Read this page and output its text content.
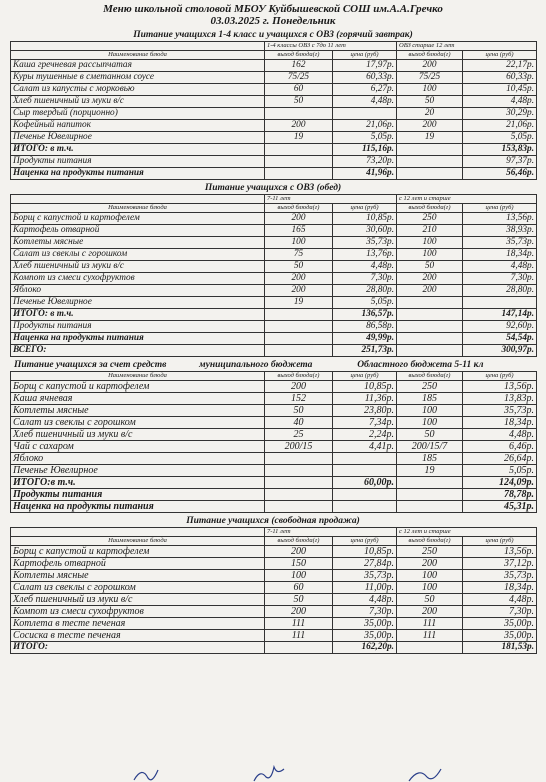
Меню школьной столовой МБОУ Куйбышевской СОШ им.А.А.Гречко
03.03.2025 г. Понедельник
Питание учащихся 1-4 класс и учащихся с ОВЗ (горячий завтрак)
	1-4 классы ОВЗ с 7до 11 лет		ОВЗ старше 12 лет	
Наименование блюда	выход блюда(г)	цена (руб)	выход блюда(г)	цена (руб)
Каша гречневая рассыпчатая	162	17,97р.	200	22,17р.
Куры тушенные в сметанном соусе	75/25	60,33р.	75/25	60,33р.
Салат из капусты с морковью	60	6,27р.	100	10,45р.
Хлеб пшеничный из муки в/с	50	4,48р.	50	4,48р.
Сыр твердый (порционно)			20	30,29р.
Кофейный напиток	200	21,06р.	200	21,06р.
Печенье Ювелирное	19	5,05р.	19	5,05р.
ИТОГО: в т.ч.		115,16р.		153,83р.
Продукты питания		73,20р.		97,37р.
Наценка на продукты питания		41,96р.		56,46р.
Питание учащихся с ОВЗ (обед)
	7-11 лет		с 12 лет и старше	
Наименование блюда	выход блюда(г)	цена (руб)	выход блюда(г)	цена (руб)
Борщ с капустой и картофелем	200	10,85р.	250	13,56р.
Картофель отварной	165	30,60р.	210	38,93р.
Котлеты мясные	100	35,73р.	100	35,73р.
Салат из свеклы с горошком	75	13,76р.	100	18,34р.
Хлеб пшеничный из муки в/с	50	4,48р.	50	4,48р.
Компот из смеси сухофруктов	200	7,30р.	200	7,30р.
Яблоко	200	28,80р.	200	28,80р.
Печенье Ювелирное	19	5,05р.		
ИТОГО: в т.ч.		136,57р.		147,14р.
Продукты питания		86,58р.		92,60р.
Наценка на продукты питания		49,99р.		54,54р.
ВСЕГО:		251,73р.		300,97р.
Питание учащихся за счет средств	муниципального бюджета	Областного бюджета 5-11 кл
Наименование блюда	выход блюда(г)	цена (руб)	выход блюда(г)	цена (руб)
Борщ с капустой и картофелем	200	10,85р.	250	13,56р.
Каша ячневая	152	11,36р.	185	13,83р.
Котлеты мясные	50	23,80р.	100	35,73р.
Салат из свеклы с горошком	40	7,34р.	100	18,34р.
Хлеб пшеничный из муки в/с	25	2,24р.	50	4,48р.
Чай с сахаром	200/15	4,41р.	200/15/7	6,46р.
Яблоко			185	26,64р.
Печенье Ювелирное			19	5,05р.
ИТОГО:в т.ч.		60,00р.		124,09р.
Продукты питания				78,78р.
Наценка на продукты питания				45,31р.
Питание учащихся (свободная продажа)
	7-11 лет		с 12 лет и старше	
Наименование блюда	выход блюда(г)	цена (руб)	выход блюда(г)	цена (руб)
Борщ с капустой и картофелем	200	10,85р.	250	13,56р.
Картофель отварной	150	27,84р.	200	37,12р.
Котлеты мясные	100	35,73р.	100	35,73р.
Салат из свеклы с горошком	60	11,00р.	100	18,34р.
Хлеб пшеничный из муки в/с	50	4,48р.	50	4,48р.
Компот из смеси сухофруктов	200	7,30р.	200	7,30р.
Котлета в тесте печеная	111	35,00р.	111	35,00р.
Сосиска в тесте печеная	111	35,00р.	111	35,00р.
ИТОГО:		162,20р.		181,53р.
